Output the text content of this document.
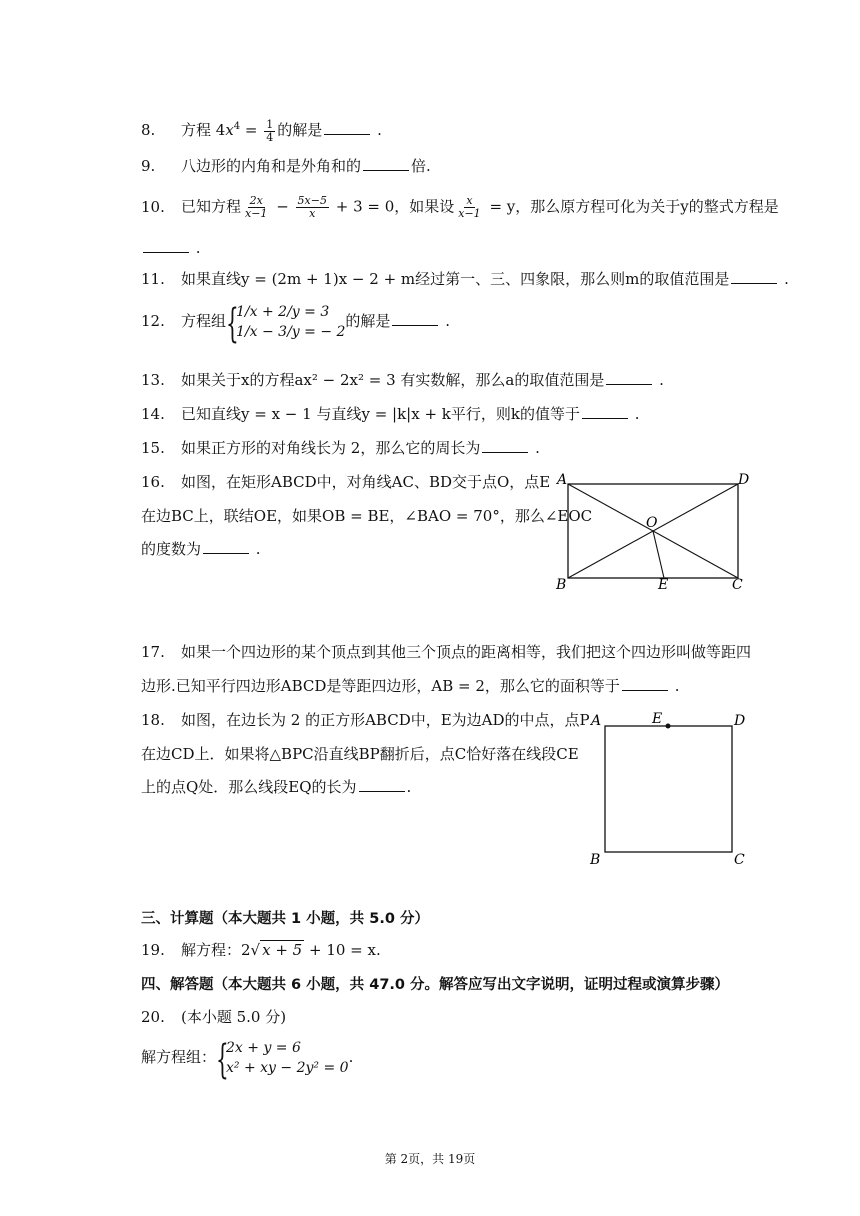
8. 方程 $4x^4 = \frac{1}{4}$ 的解是	.
9. 八边形的内角和是外角和的	倍.
10. 已知方程 $\frac{2x}{x-1} - \frac{5x-5}{x} + 3 = 0$，如果设 $\frac{x}{x-1} = y$，那么原方程可化为关于y的整式方程是
.
11. 如果直线y = (2m + 1)x − 2 + m经过第一、三、四象限，那么则m的取值范围是	.
12. 方程组 {
1/x + 2/y = 3
1/x − 3/y = − 2
的解是	.
13. 如果关于x的方程ax² − 2x² = 3 有实数解，那么a的取值范围是	.
14. 已知直线y = x − 1 与直线y = |k|x + k平行，则k的值等于	.
15. 如果正方形的对角线长为 2，那么它的周长为	.
16. 如图，在矩形ABCD中，对角线AC、BD交于点O，点E
在边BC上，联结OE，如果OB = BE，∠BAO = 70°，那么∠EOC
的度数为	.
A	D
O
B	E	C
17. 如果一个四边形的某个顶点到其他三个顶点的距离相等，我们把这个四边形叫做等距四
边形.已知平行四边形ABCD是等距四边形，AB = 2，那么它的面积等于	.
18. 如图，在边长为 2 的正方形ABCD中，E为边AD的中点，点P
在边CD上．如果将△BPC沿直线BP翻折后，点C恰好落在线段CE
上的点Q处．那么线段EQ的长为	.
A	E	D
B	C
三、计算题（本大题共 1 小题，共 5.0 分）
19. 解方程：2√ x + 5 + 10 = x.
四、解答题（本大题共 6 小题，共 47.0 分。解答应写出文字说明，证明过程或演算步骤）
20. (本小题 5.0 分)
解方程组： {
2x + y = 6
x² + xy − 2y² = 0
.
第 2页，共 19页
